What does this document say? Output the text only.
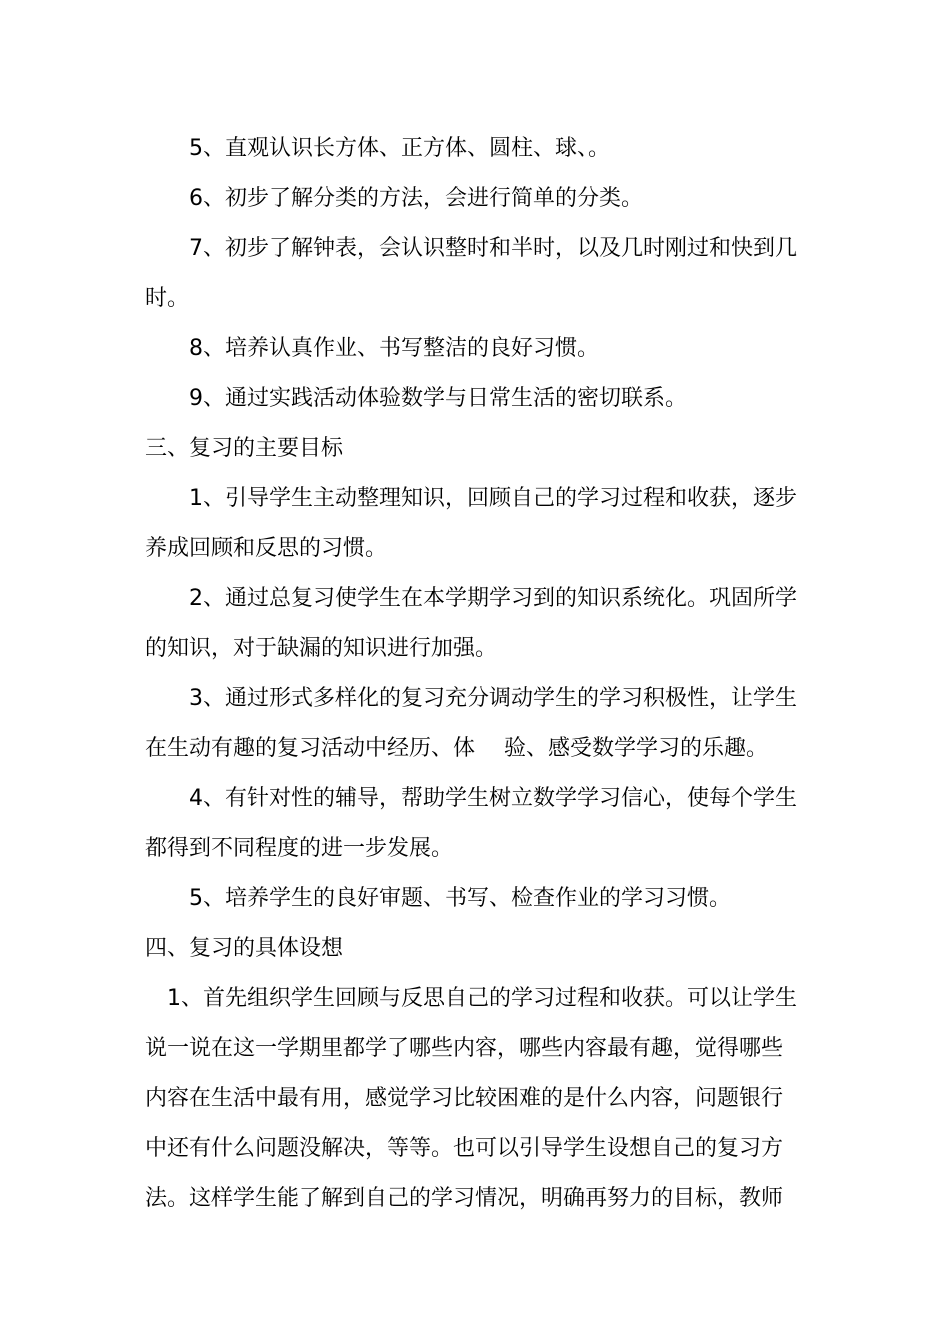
5、直观认识长方体、正方体、圆柱、球、。
6、初步了解分类的方法，会进行简单的分类。
7、初步了解钟表，会认识整时和半时，以及几时刚过和快到几
时。
8、培养认真作业、书写整洁的良好习惯。
9、通过实践活动体验数学与日常生活的密切联系。
三、复习的主要目标
1、引导学生主动整理知识，回顾自己的学习过程和收获，逐步
养成回顾和反思的习惯。
2、通过总复习使学生在本学期学习到的知识系统化。巩固所学
的知识，对于缺漏的知识进行加强。
3、通过形式多样化的复习充分调动学生的学习积极性，让学生
在生动有趣的复习活动中经历、体　 验、感受数学学习的乐趣。
4、有针对性的辅导，帮助学生树立数学学习信心，使每个学生
都得到不同程度的进一步发展。
5、培养学生的良好审题、书写、检查作业的学习习惯。
四、复习的具体设想
1、首先组织学生回顾与反思自己的学习过程和收获。可以让学生
说一说在这一学期里都学了哪些内容，哪些内容最有趣，觉得哪些
内容在生活中最有用，感觉学习比较困难的是什么内容，问题银行
中还有什么问题没解决，等等。也可以引导学生设想自己的复习方
法。这样学生能了解到自己的学习情况，明确再努力的目标，教师
